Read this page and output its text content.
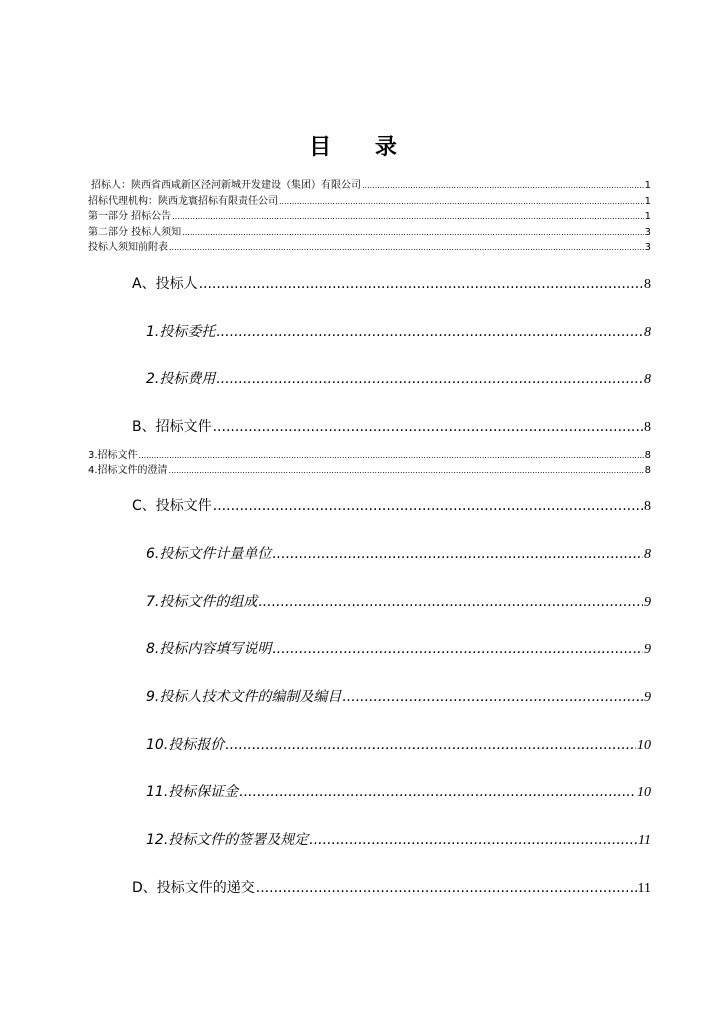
目 录
招标人：陕西省西咸新区泾河新城开发建设（集团）有限公司 .....	1
招标代理机构：陕西龙寰招标有限责任公司 .....	1
第一部分 招标公告 .....	1
第二部分 投标人须知 .....	3
投标人须知前附表 .....	3
A、投标人 .....	8
1.投标委托 .....	8
2.投标费用 .....	8
B、招标文件 .....	8
3.招标文件 .....	8
4.招标文件的澄清 .....	8
C、投标文件 .....	8
6.投标文件计量单位 .....	8
7.投标文件的组成 .....	9
8.投标内容填写说明 .....	9
9.投标人技术文件的编制及编目 .....	9
10.投标报价 .....	10
11.投标保证金 .....	10
12.投标文件的签署及规定 .....	11
D、投标文件的递交 .....	11
